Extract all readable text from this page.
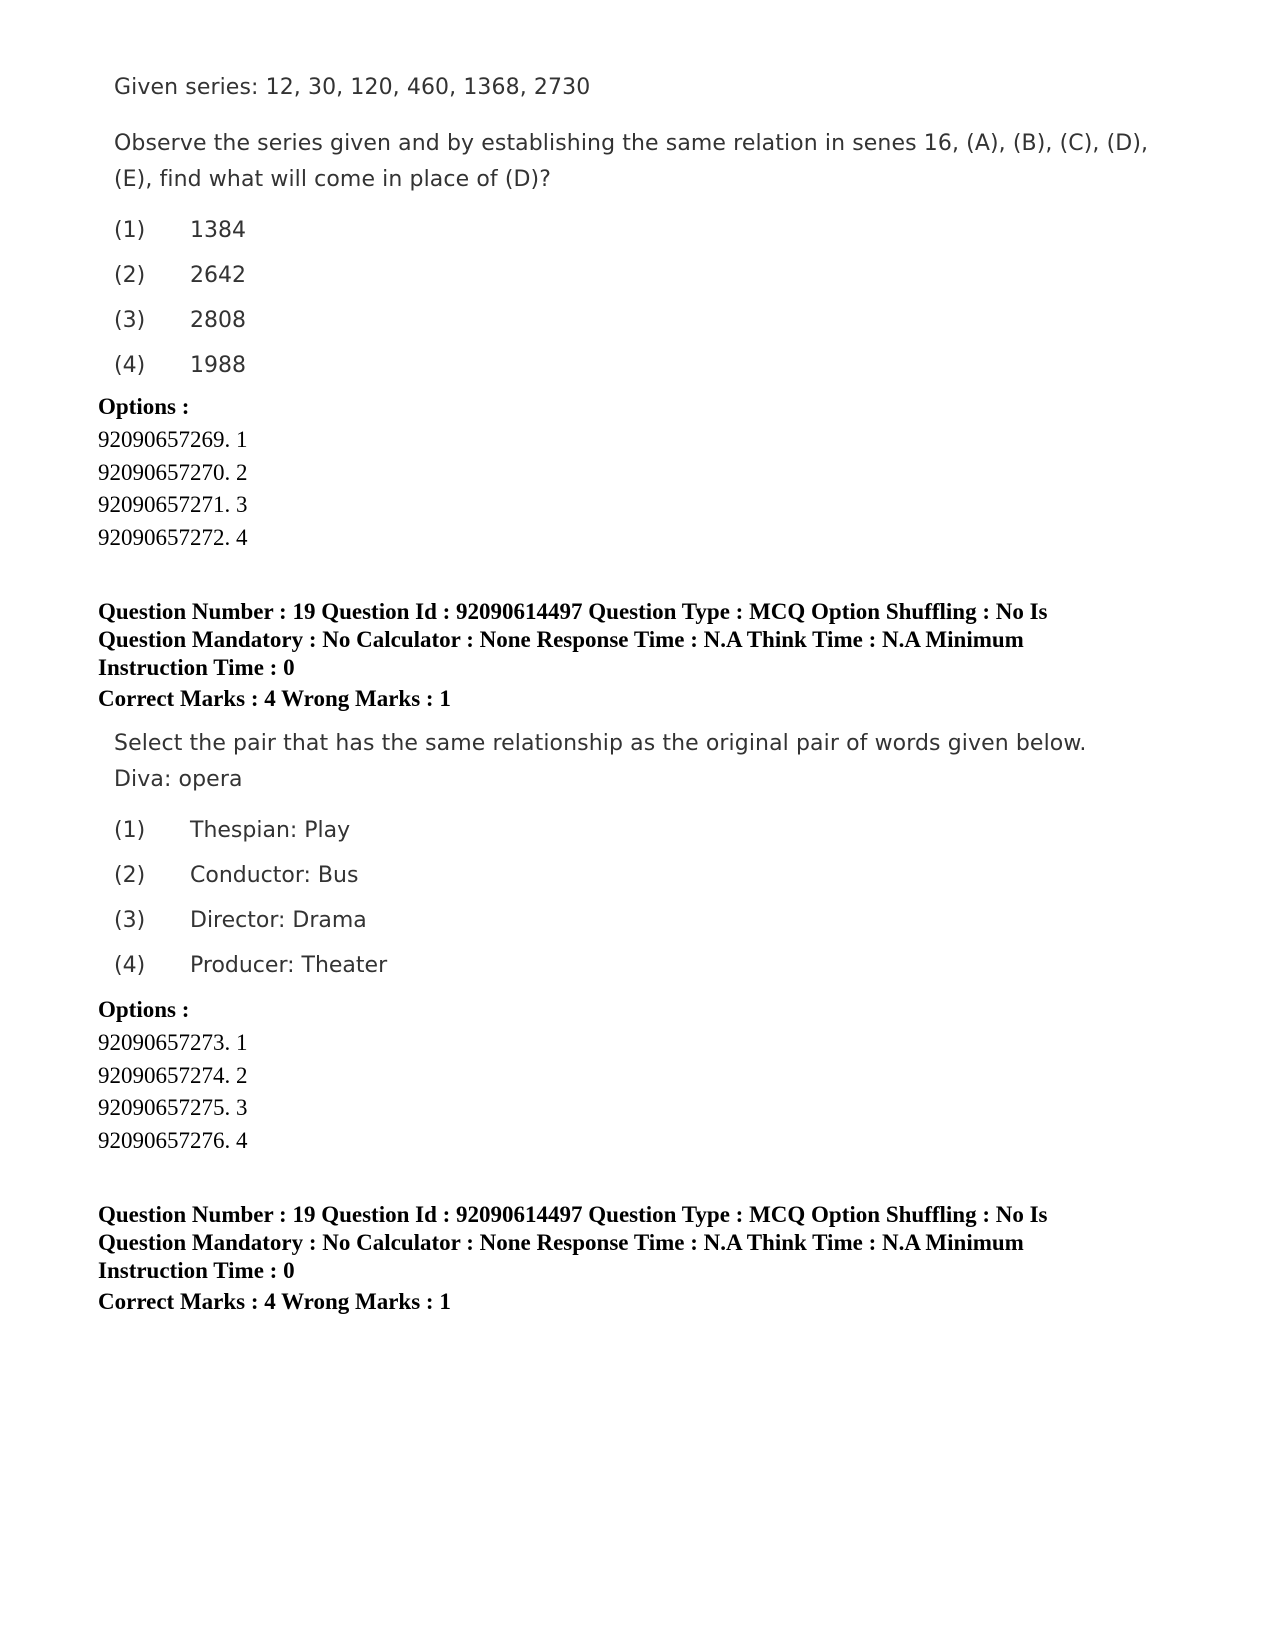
Given series: 12, 30, 120, 460, 1368, 2730
Observe the series given and by establishing the same relation in senes 16, (A), (B), (C), (D),
(E), find what will come in place of (D)?
(1) 1384
(2) 2642
(3) 2808
(4) 1988
Options :
92090657269. 1
92090657270. 2
92090657271. 3
92090657272. 4
Question Number : 19 Question Id : 92090614497 Question Type : MCQ Option Shuffling : No Is
Question Mandatory : No Calculator : None Response Time : N.A Think Time : N.A Minimum
Instruction Time : 0
Correct Marks : 4 Wrong Marks : 1
Select the pair that has the same relationship as the original pair of words given below.
Diva: opera
(1) Thespian: Play
(2) Conductor: Bus
(3) Director: Drama
(4) Producer: Theater
Options :
92090657273. 1
92090657274. 2
92090657275. 3
92090657276. 4
Question Number : 19 Question Id : 92090614497 Question Type : MCQ Option Shuffling : No Is
Question Mandatory : No Calculator : None Response Time : N.A Think Time : N.A Minimum
Instruction Time : 0
Correct Marks : 4 Wrong Marks : 1
